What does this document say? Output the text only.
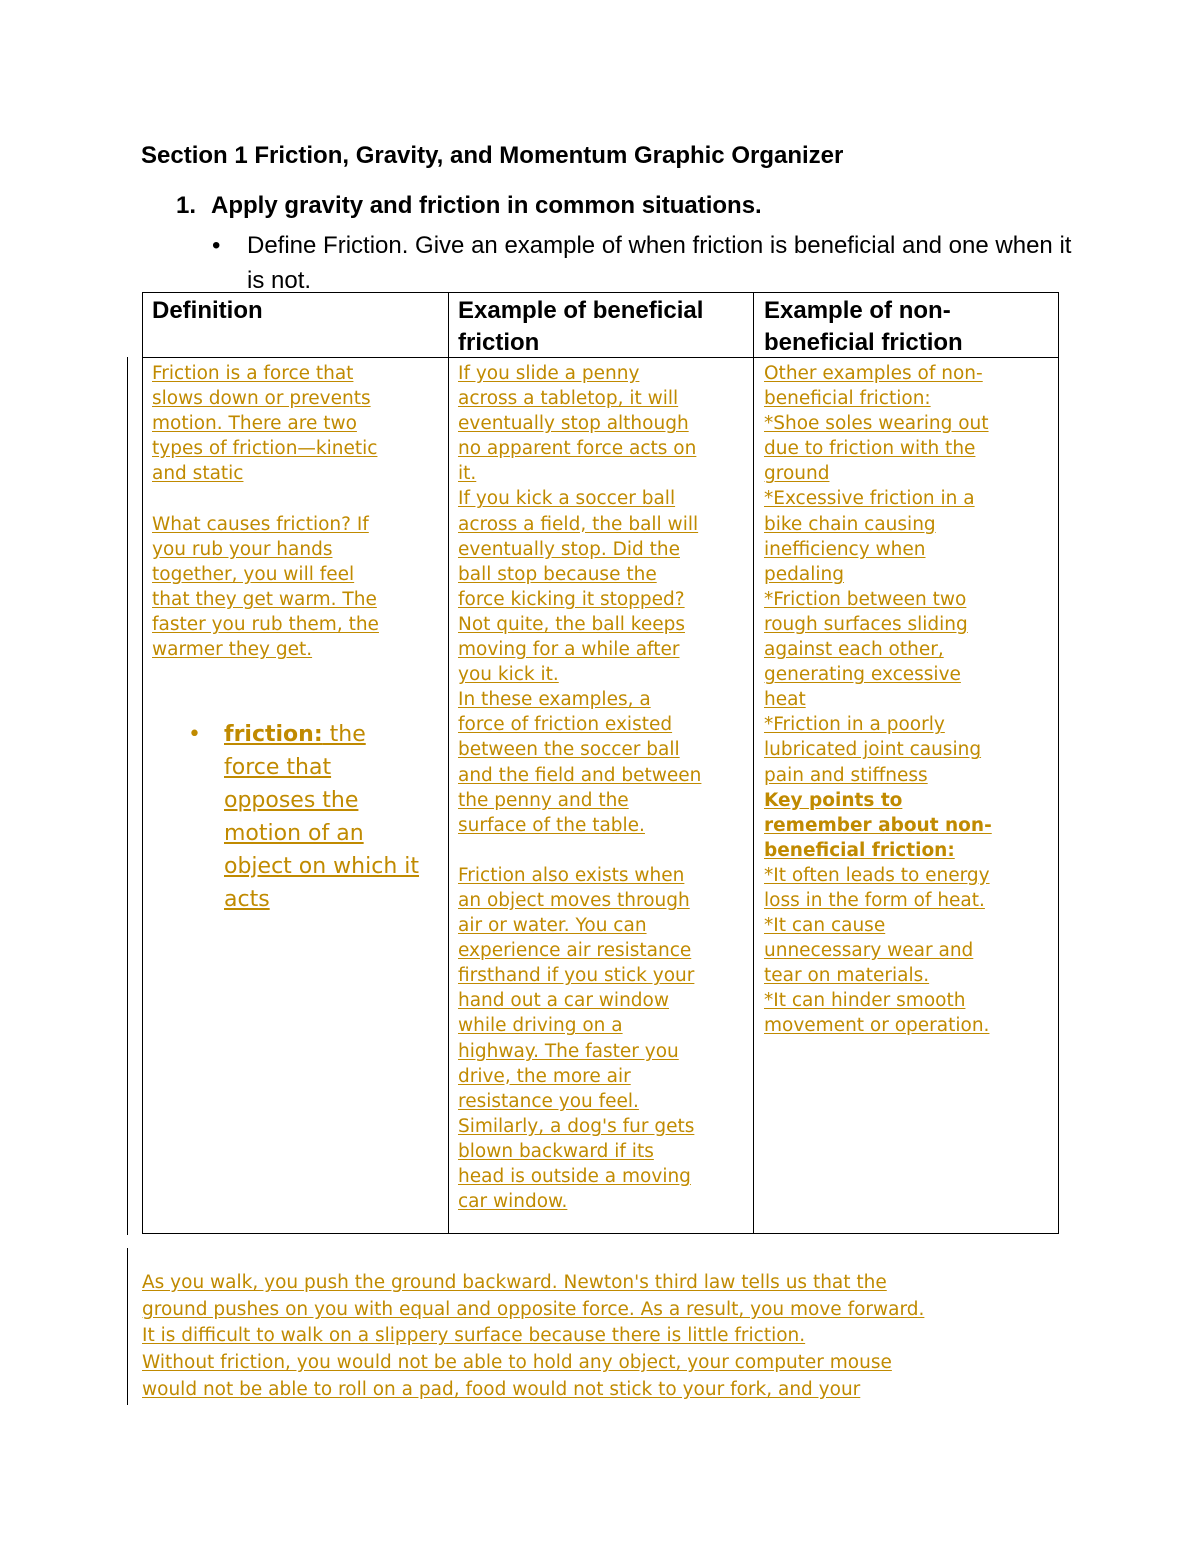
Section 1 Friction, Gravity, and Momentum Graphic Organizer
1. Apply gravity and friction in common situations.
• Define Friction. Give an example of when friction is beneficial and one when it is not.
Definition	Example of beneficial friction
Example of non-beneficial friction

Friction is a force that

slows down or prevents

motion. There are two

types of friction—kinetic

and static

What causes friction? If

you rub your hands

together, you will feel

that they get warm. The

faster you rub them, the

warmer they get.

• friction: the
force that
opposes the
motion of an
object on which it
acts

If you slide a penny

across a tabletop, it will

eventually stop although

no apparent force acts on

it.

If you kick a soccer ball

across a field, the ball will

eventually stop. Did the

ball stop because the

force kicking it stopped?

Not quite, the ball keeps

moving for a while after

you kick it.

In these examples, a

force of friction existed

between the soccer ball

and the field and between

the penny and the

surface of the table.

Friction also exists when

an object moves through

air or water. You can

experience air resistance

firsthand if you stick your

hand out a car window

while driving on a

highway. The faster you

drive, the more air

resistance you feel.

Similarly, a dog's fur gets

blown backward if its

head is outside a moving

car window.

Other examples of non-

beneficial friction:

*Shoe soles wearing out

due to friction with the

ground

*Excessive friction in a

bike chain causing

inefficiency when

pedaling

*Friction between two

rough surfaces sliding

against each other,

generating excessive

heat

*Friction in a poorly

lubricated joint causing

pain and stiffness

Key points to

remember about non-

beneficial friction:

*It often leads to energy

loss in the form of heat.

*It can cause

unnecessary wear and

tear on materials.

*It can hinder smooth

movement or operation.

As you walk, you push the ground backward. Newton's third law tells us that the

ground pushes on you with equal and opposite force. As a result, you move forward.

It is difficult to walk on a slippery surface because there is little friction.

Without friction, you would not be able to hold any object, your computer mouse

would not be able to roll on a pad, food would not stick to your fork, and your
